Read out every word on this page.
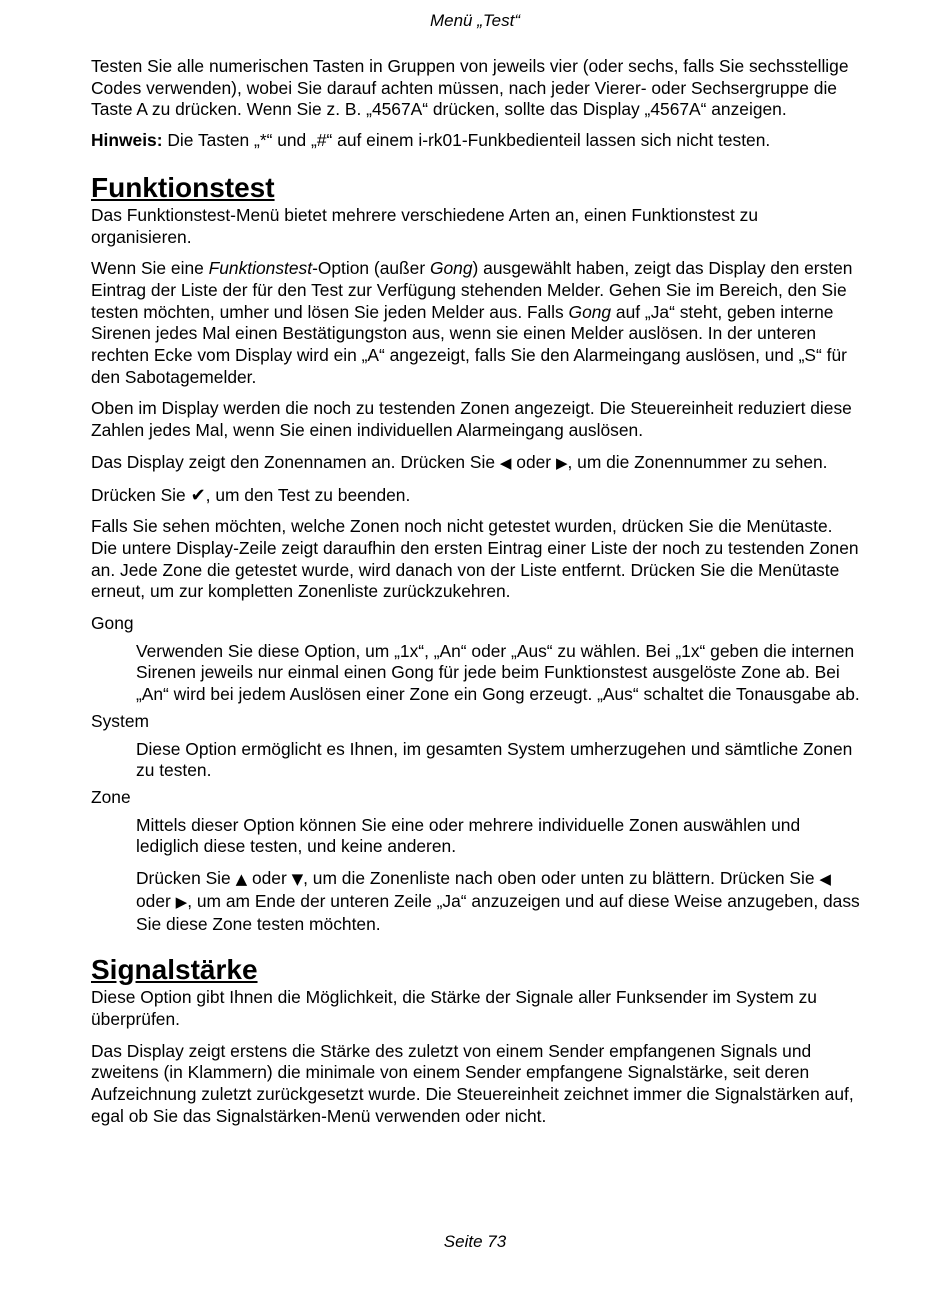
Menü „Test“

Testen Sie alle numerischen Tasten in Gruppen von jeweils vier (oder sechs, falls Sie sechsstellige Codes verwenden), wobei Sie darauf achten müssen, nach jeder Vierer- oder Sechsergruppe die Taste A zu drücken. Wenn Sie z. B. „4567A“ drücken, sollte das Display „4567A“ anzeigen.

Hinweis: Die Tasten „*“ und „#“ auf einem i-rk01-Funkbedienteil lassen sich nicht testen.

Funktionstest

Das Funktionstest-Menü bietet mehrere verschiedene Arten an, einen Funktionstest zu organisieren.

Wenn Sie eine Funktionstest-Option (außer Gong) ausgewählt haben, zeigt das Display den ersten Eintrag der Liste der für den Test zur Verfügung stehenden Melder. Gehen Sie im Bereich, den Sie testen möchten, umher und lösen Sie jeden Melder aus. Falls Gong auf „Ja“ steht, geben interne Sirenen jedes Mal einen Bestätigungston aus, wenn sie einen Melder auslösen. In der unteren rechten Ecke vom Display wird ein „A“ angezeigt, falls Sie den Alarmeingang auslösen, und „S“ für den Sabotagemelder.

Oben im Display werden die noch zu testenden Zonen angezeigt. Die Steuereinheit reduziert diese Zahlen jedes Mal, wenn Sie einen individuellen Alarmeingang auslösen.

Das Display zeigt den Zonennamen an. Drücken Sie ◀ oder ▶, um die Zonennummer zu sehen.

Drücken Sie ✔, um den Test zu beenden.

Falls Sie sehen möchten, welche Zonen noch nicht getestet wurden, drücken Sie die Menütaste. Die untere Display-Zeile zeigt daraufhin den ersten Eintrag einer Liste der noch zu testenden Zonen an. Jede Zone die getestet wurde, wird danach von der Liste entfernt. Drücken Sie die Menütaste erneut, um zur kompletten Zonenliste zurückzukehren.

Gong

Verwenden Sie diese Option, um „1x“, „An“ oder „Aus“ zu wählen. Bei „1x“ geben die internen Sirenen jeweils nur einmal einen Gong für jede beim Funktionstest ausgelöste Zone ab. Bei „An“ wird bei jedem Auslösen einer Zone ein Gong erzeugt. „Aus“ schaltet die Tonausgabe ab.

System

Diese Option ermöglicht es Ihnen, im gesamten System umherzugehen und sämtliche Zonen zu testen.

Zone

Mittels dieser Option können Sie eine oder mehrere individuelle Zonen auswählen und lediglich diese testen, und keine anderen.

Drücken Sie ▲ oder ▼, um die Zonenliste nach oben oder unten zu blättern. Drücken Sie ◀ oder ▶, um am Ende der unteren Zeile „Ja“ anzuzeigen und auf diese Weise anzugeben, dass Sie diese Zone testen möchten.

Signalstärke

Diese Option gibt Ihnen die Möglichkeit, die Stärke der Signale aller Funksender im System zu überprüfen.

Das Display zeigt erstens die Stärke des zuletzt von einem Sender empfangenen Signals und zweitens (in Klammern) die minimale von einem Sender empfangene Signalstärke, seit deren Aufzeichnung zuletzt zurückgesetzt wurde. Die Steuereinheit zeichnet immer die Signalstärken auf, egal ob Sie das Signalstärken-Menü verwenden oder nicht.

Seite 73
